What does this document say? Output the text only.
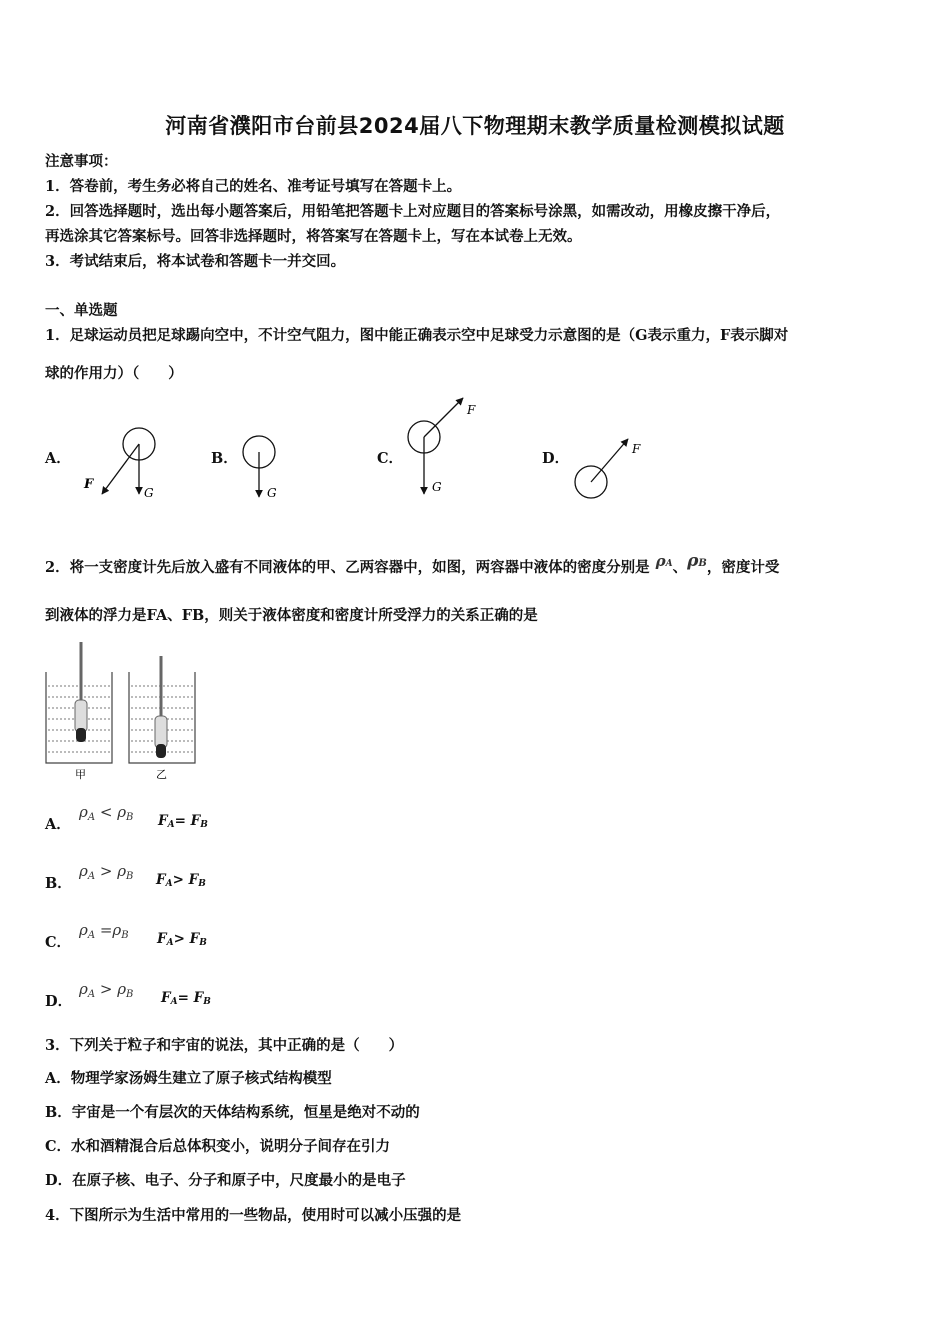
河南省濮阳市台前县2024届八下物理期末教学质量检测模拟试题
注意事项：
1．答卷前，考生务必将自己的姓名、准考证号填写在答题卡上。
2．回答选择题时，选出每小题答案后，用铅笔把答题卡上对应题目的答案标号涂黑，如需改动，用橡皮擦干净后，
再选涂其它答案标号。回答非选择题时，将答案写在答题卡上，写在本试卷上无效。
3．考试结束后，将本试卷和答题卡一并交回。
一、单选题
1．足球运动员把足球踢向空中，不计空气阻力，图中能正确表示空中足球受力示意图的是（G表示重力，F表示脚对
球的作用力）（　　）
A．	B．	C．	D．
F
G	G
F
G
F
甲	乙
2．将一支密度计先后放入盛有不同液体的甲、乙两容器中，如图，两容器中液体的密度分别是 ρA、ρB，密度计受
到液体的浮力是FA、FB，则关于液体密度和密度计所受浮力的关系正确的是
A．
$\rho_A < \rho_B$ $F_A= F_B$
B．
$\rho_A > \rho_B$ $F_A> F_B$
C．
$\rho_A =\rho_B$ $F_A> F_B$
D．
$\rho_A > \rho_B$ $F_A= F_B$
3．下列关于粒子和宇宙的说法，其中正确的是（　　）
A．物理学家汤姆生建立了原子核式结构模型
B．宇宙是一个有层次的天体结构系统，恒星是绝对不动的
C．水和酒精混合后总体积变小，说明分子间存在引力
D．在原子核、电子、分子和原子中，尺度最小的是电子
4．下图所示为生活中常用的一些物品，使用时可以减小压强的是
